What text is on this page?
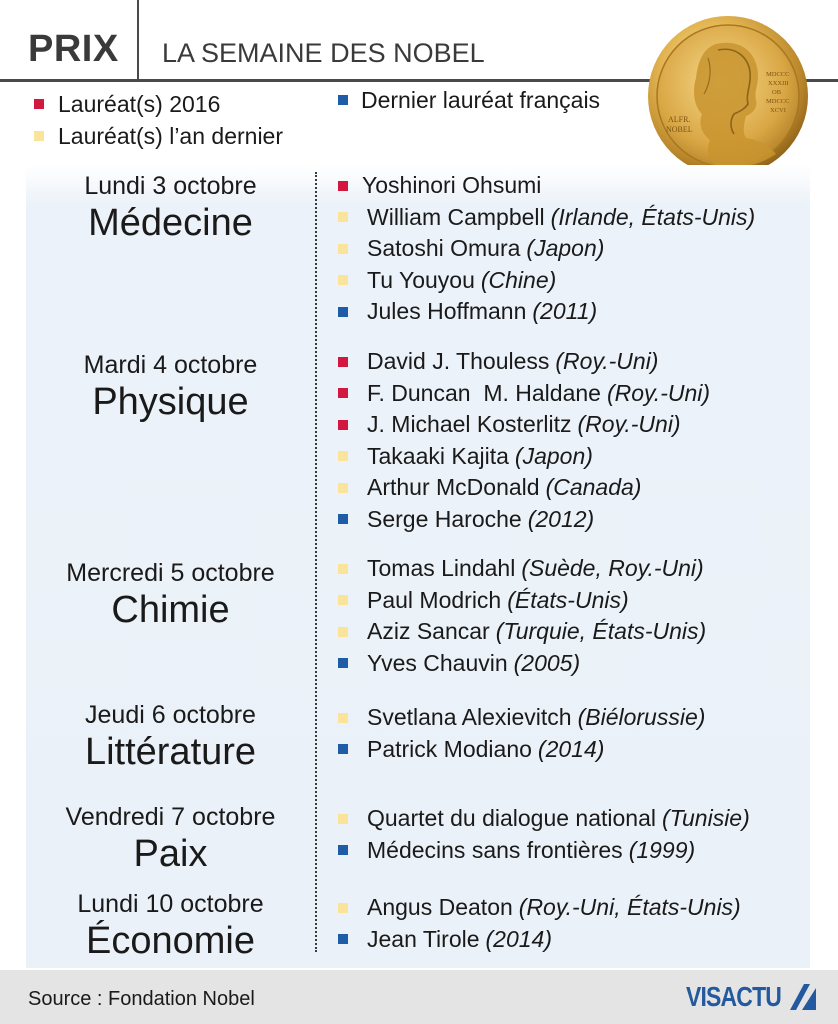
PRIX LA SEMAINE DES NOBEL
Lauréat(s) 2016
Lauréat(s) l’an dernier
Dernier lauréat français
ALFR.
NOBEL
MDCCC
XXXIII
OB
MDCCC
XCVI
Lundi 3 octobre
Médecine
Yoshinori Ohsumi
William Campbell (Irlande, États-Unis)
Satoshi Omura (Japon)
Tu Youyou (Chine)
Jules Hoffmann (2011)
Mardi 4 octobre
Physique
David J. Thouless (Roy.-Uni)
F. Duncan  M. Haldane (Roy.-Uni)
J. Michael Kosterlitz (Roy.-Uni)
Takaaki Kajita (Japon)
Arthur McDonald (Canada)
Serge Haroche (2012)
Mercredi 5 octobre
Chimie
Tomas Lindahl (Suède, Roy.-Uni)
Paul Modrich (États-Unis)
Aziz Sancar (Turquie, États-Unis)
Yves Chauvin (2005)
Jeudi 6 octobre
Littérature
Svetlana Alexievitch (Biélorussie)
Patrick Modiano (2014)
Vendredi 7 octobre
Paix
Quartet du dialogue national (Tunisie)
Médecins sans frontières (1999)
Lundi 10 octobre
Économie
Angus Deaton (Roy.-Uni, États-Unis)
Jean Tirole (2014)
Source : Fondation Nobel	VISACTU
